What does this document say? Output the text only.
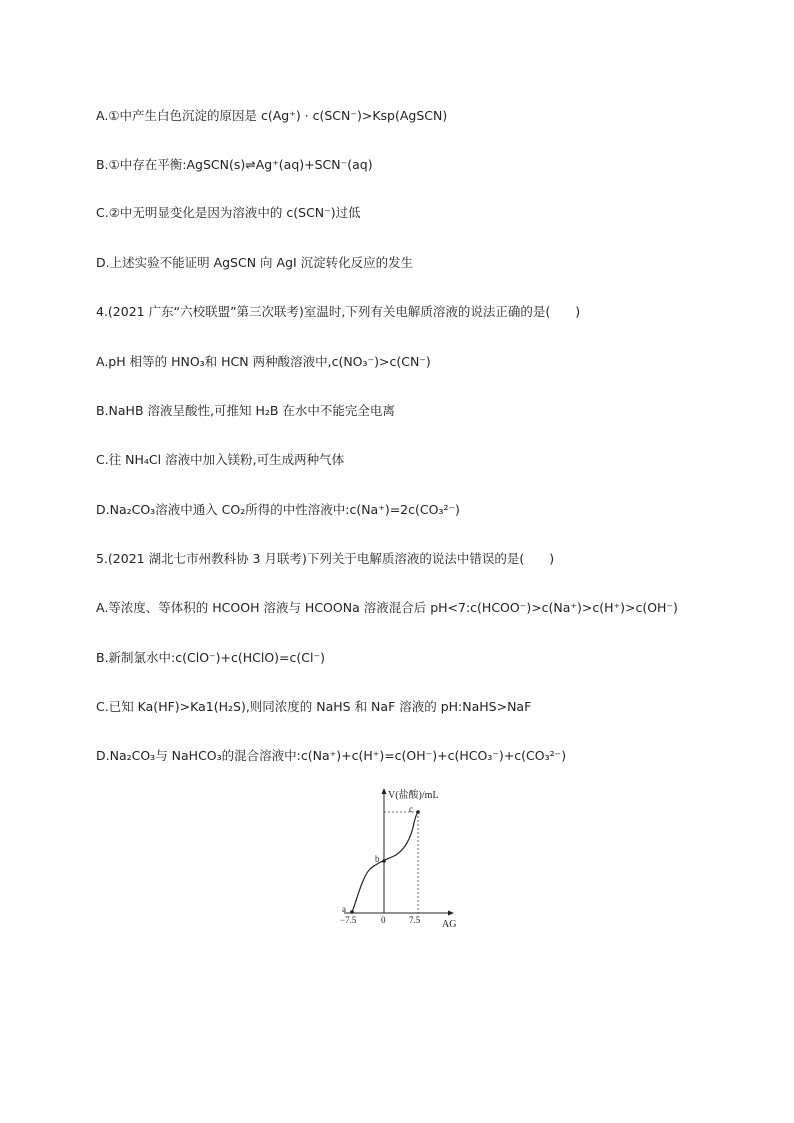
A.①中产生白色沉淀的原因是 c(Ag⁺) · c(SCN⁻)>Ksp(AgSCN)
B.①中存在平衡:AgSCN(s)⇌Ag⁺(aq)+SCN⁻(aq)
C.②中无明显变化是因为溶液中的 c(SCN⁻)过低
D.上述实验不能证明 AgSCN 向 AgI 沉淀转化反应的发生
4.(2021 广东“六校联盟”第三次联考)室温时,下列有关电解质溶液的说法正确的是(　　)
A.pH 相等的 HNO₃和 HCN 两种酸溶液中,c(NO₃⁻)>c(CN⁻)
B.NaHB 溶液呈酸性,可推知 H₂B 在水中不能完全电离
C.往 NH₄Cl 溶液中加入镁粉,可生成两种气体
D.Na₂CO₃溶液中通入 CO₂所得的中性溶液中:c(Na⁺)=2c(CO₃²⁻)
5.(2021 湖北七市州教科协 3 月联考)下列关于电解质溶液的说法中错误的是(　　)
A.等浓度、等体积的 HCOOH 溶液与 HCOONa 溶液混合后 pH<7:c(HCOO⁻)>c(Na⁺)>c(H⁺)>c(OH⁻)
B.新制氯水中:c(ClO⁻)+c(HClO)=c(Cl⁻)
C.已知 Ka(HF)>Ka1(H₂S),则同浓度的 NaHS 和 NaF 溶液的 pH:NaHS>NaF
D.Na₂CO₃与 NaHCO₃的混合溶液中:c(Na⁺)+c(H⁺)=c(OH⁻)+c(HCO₃⁻)+c(CO₃²⁻)
V(盐酸)/mL
AG
−7.5	0	7.5
a
b
c
